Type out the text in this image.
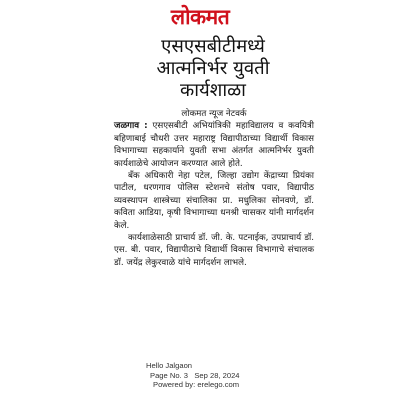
लोकमत
एसएसबीटीमध्ये
आत्मनिर्भर युवती
कार्यशाळा
लोकमत न्यूज नेटवर्क

जळगाव : एसएसबीटी अभियांत्रिकी महाविद्यालय व कवयित्री बहिणाबाई चौधरी उत्तर महाराष्ट्र विद्यापीठाच्या विद्यार्थी विकास विभागाच्या सहकार्याने युवती सभा अंतर्गत आत्मनिर्भर युवती कार्यशाळेचे आयोजन करण्यात आले होते.

बँक अधिकारी नेहा पटेल, जिल्हा उद्योग केंद्राच्या प्रियंका पाटील, धरणगाव पोलिस स्टेशनचे संतोष पवार, विद्यापीठ व्यवस्थापन शास्त्रेच्या संचालिका प्रा. मधुलिका सोनवणे, डॉ. कविता आडिया, कृषी विभागाच्या धनश्री चासकर यांनी मार्गदर्शन केले.

कार्यशाळेसाठी प्राचार्य डॉ. जी. के. पटनाईक, उपप्राचार्य डॉ. एस. बी. पवार, विद्यापीठाचे विद्यार्थी विकास विभागाचे संचालक डॉ. जयेंद्र लेकुरवाळे यांचे मार्गदर्शन लाभले.

Hello Jalgaon
Page No. 3 Sep 28, 2024
Powered by: erelego.com
